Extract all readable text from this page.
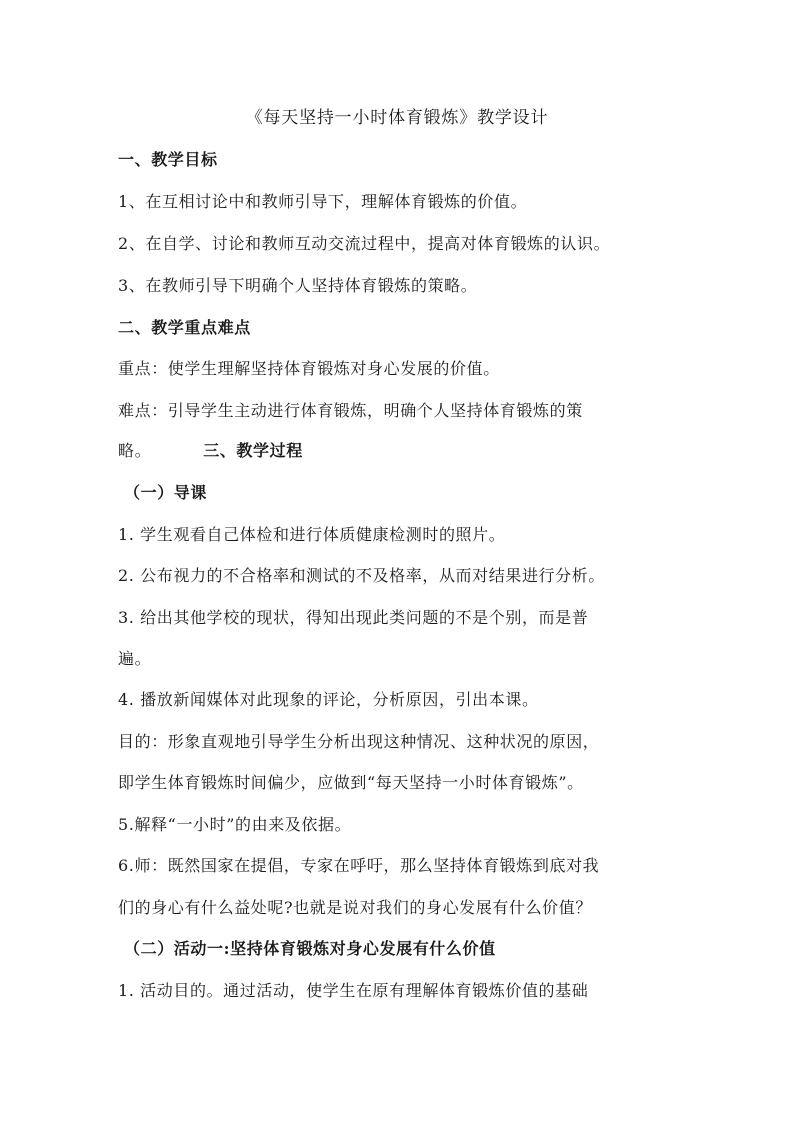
《每天坚持一小时体育锻炼》教学设计
一、教学目标
1、在互相讨论中和教师引导下，理解体育锻炼的价值。
2、在自学、讨论和教师互动交流过程中，提高对体育锻炼的认识。
3、在教师引导下明确个人坚持体育锻炼的策略。
二、教学重点难点
重点：使学生理解坚持体育锻炼对身心发展的价值。
难点：引导学生主动进行体育锻炼，明确个人坚持体育锻炼的策
略。	三、教学过程
（一）导课
1. 学生观看自己体检和进行体质健康检测时的照片。
2. 公布视力的不合格率和测试的不及格率，从而对结果进行分析。
3. 给出其他学校的现状，得知出现此类问题的不是个别，而是普
遍。
4. 播放新闻媒体对此现象的评论，分析原因，引出本课。
目的：形象直观地引导学生分析出现这种情况、这种状况的原因，
即学生体育锻炼时间偏少，应做到“每天坚持一小时体育锻炼”。
5.解释“一小时”的由来及依据。
6.师：既然国家在提倡，专家在呼吁，那么坚持体育锻炼到底对我
们的身心有什么益处呢?也就是说对我们的身心发展有什么价值？
（二）活动一:坚持体育锻炼对身心发展有什么价值
1. 活动目的。通过活动，使学生在原有理解体育锻炼价值的基础
